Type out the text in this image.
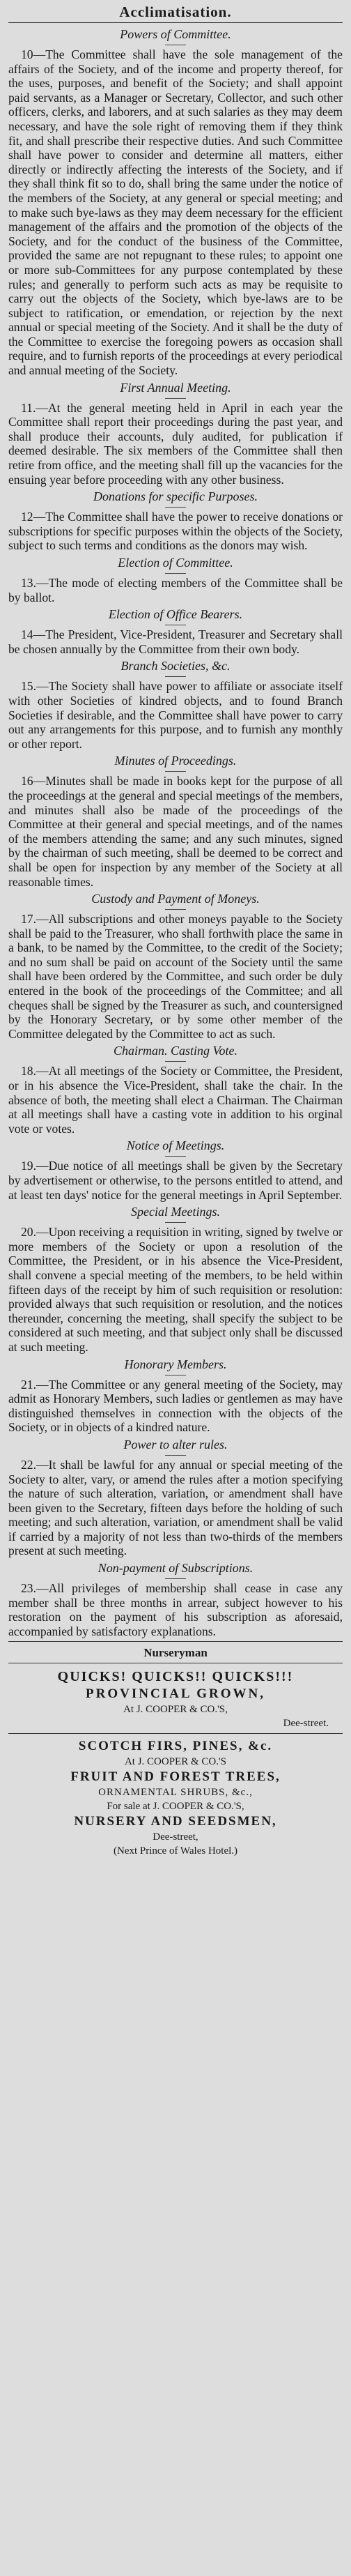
Acclimatisation.
Powers of Committee.

10—The Committee shall have the sole management of the affairs of the Society, and of the income and property thereof, for the uses, purposes, and benefit of the Society; and shall appoint paid servants, as a Manager or Secretary, Collector, and such other officers, clerks, and laborers, and at such salaries as they may deem necessary, and have the sole right of removing them if they think fit, and shall prescribe their respective duties. And such Committee shall have power to consider and determine all matters, either directly or indirectly affecting the interests of the Society, and if they shall think fit so to do, shall bring the same under the notice of the members of the Society, at any general or special meeting; and to make such bye-laws as they may deem necessary for the efficient management of the affairs and the promotion of the objects of the Society, and for the conduct of the business of the Committee, provided the same are not repugnant to these rules; to appoint one or more sub-Committees for any purpose contemplated by these rules; and generally to perform such acts as may be requisite to carry out the objects of the Society, which bye-laws are to be subject to ratification, or emendation, or rejection by the next annual or special meeting of the Society. And it shall be the duty of the Committee to exercise the foregoing powers as occasion shall require, and to furnish reports of the proceedings at every periodical and annual meeting of the Society.

First Annual Meeting.

11.—At the general meeting held in April in each year the Committee shall report their proceedings during the past year, and shall produce their accounts, duly audited, for publication if deemed desirable. The six members of the Committee shall then retire from office, and the meeting shall fill up the vacancies for the ensuing year before proceeding with any other business.

Donations for specific Purposes.

12—The Committee shall have the power to receive donations or subscriptions for specific purposes within the objects of the Society, subject to such terms and conditions as the donors may wish.

Election of Committee.

13.—The mode of electing members of the Committee shall be by ballot.

Election of Office Bearers.

14—The President, Vice-President, Treasurer and Secretary shall be chosen annually by the Committee from their own body.

Branch Societies, &c.

15.—The Society shall have power to affiliate or associate itself with other Societies of kindred objects, and to found Branch Societies if desirable, and the Committee shall have power to carry out any arrangements for this purpose, and to furnish any monthly or other report.

Minutes of Proceedings.

16—Minutes shall be made in books kept for the purpose of all the proceedings at the general and special meetings of the members, and minutes shall also be made of the proceedings of the Committee at their general and special meetings, and of the names of the members attending the same; and any such minutes, signed by the chairman of such meeting, shall be deemed to be correct and shall be open for inspection by any member of the Society at all reasonable times.

Custody and Payment of Moneys.

17.—All subscriptions and other moneys payable to the Society shall be paid to the Treasurer, who shall forthwith place the same in a bank, to be named by the Committee, to the credit of the Society; and no sum shall be paid on account of the Society until the same shall have been ordered by the Committee, and such order be duly entered in the book of the proceedings of the Committee; and all cheques shall be signed by the Treasurer as such, and countersigned by the Honorary Secretary, or by some other member of the Committee delegated by the Committee to act as such.

Chairman. Casting Vote.

18.—At all meetings of the Society or Committee, the President, or in his absence the Vice-President, shall take the chair. In the absence of both, the meeting shall elect a Chairman. The Chairman at all meetings shall have a casting vote in addition to his orginal vote or votes.

Notice of Meetings.

19.—Due notice of all meetings shall be given by the Secretary by advertisement or otherwise, to the persons entitled to attend, and at least ten days' notice for the general meetings in April September.

Special Meetings.

20.—Upon receiving a requisition in writing, signed by twelve or more members of the Society or upon a resolution of the Committee, the President, or in his absence the Vice-President, shall convene a special meeting of the members, to be held within fifteen days of the receipt by him of such requisition or resolution: provided always that such requisition or resolution, and the notices thereunder, concerning the meeting, shall specify the subject to be considered at such meeting, and that subject only shall be discussed at such meeting.

Honorary Members.

21.—The Committee or any general meeting of the Society, may admit as Honorary Members, such ladies or gentlemen as may have distinguished themselves in connection with the objects of the Society, or in objects of a kindred nature.

Power to alter rules.

22.—It shall be lawful for any annual or special meeting of the Society to alter, vary, or amend the rules after a motion specifying the nature of such alteration, variation, or amendment shall have been given to the Secretary, fifteen days before the holding of such meeting; and such alteration, variation, or amendment shall be valid if carried by a majority of not less than two-thirds of the members present at such meeting.

Non-payment of Subscriptions.

23.—All privileges of membership shall cease in case any member shall be three months in arrear, subject however to his restoration on the payment of his subscription as aforesaid, accompanied by satisfactory explanations.

Nurseryman
QUICKS! QUICKS!! QUICKS!!!
PROVINCIAL GROWN,
At J. COOPER & CO.'S,
Dee-street.
SCOTCH FIRS, PINES, &c.
At J. COOPER & CO.'S
FRUIT AND FOREST TREES,
ORNAMENTAL SHRUBS, &c.,
For sale at J. COOPER & CO.'S,
NURSERY AND SEEDSMEN,
Dee-street,
(Next Prince of Wales Hotel.)
